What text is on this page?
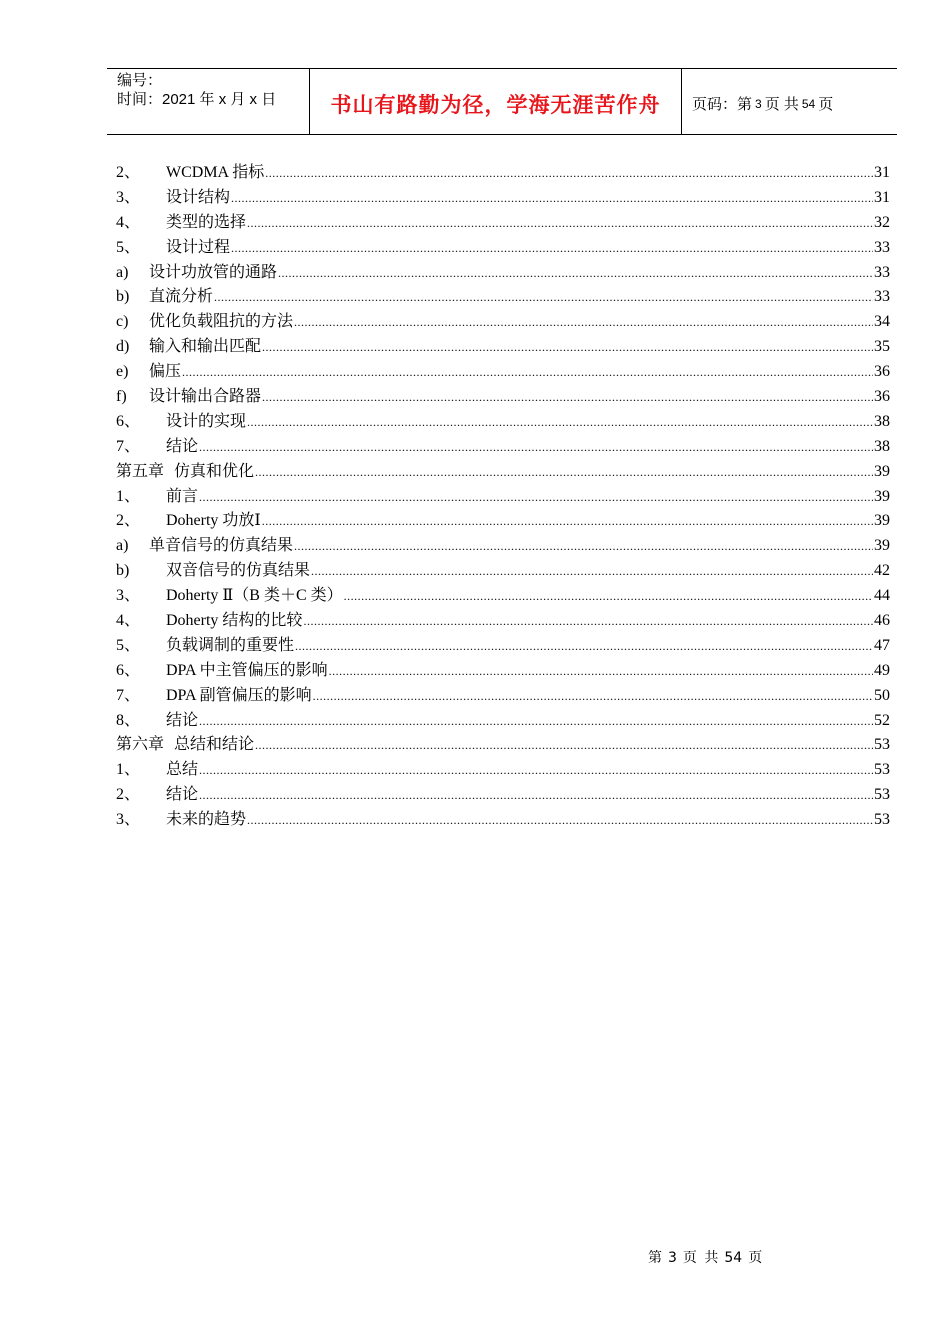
编号：
时间：2021 年 x 月 x 日	书山有路勤为径，学海无涯苦作舟 页码：第 3 页 共 54 页
2、	WCDMA 指标 .....	31
3、	设计结构 .....	31
4、	类型的选择 .....	32
5、	设计过程 .....	33
a)	设计功放管的通路 .....	33
b)	直流分析 .....	33
c)	优化负载阻抗的方法 .....	34
d)	输入和输出匹配 .....	35
e)	偏压 .....	36
f)	设计输出合路器 .....	36
6、	设计的实现 .....	38
7、	结论 .....	38
第五章 仿真和优化 .....	39
1、	前言 .....	39
2、	Doherty 功放Ⅰ .....	39
a)	单音信号的仿真结果 .....	39
b)	双音信号的仿真结果 .....	42
3、	Doherty Ⅱ（B 类＋C 类） .....	44
4、	Doherty 结构的比较 .....	46
5、	负载调制的重要性 .....	47
6、	DPA 中主管偏压的影响 .....	49
7、	DPA 副管偏压的影响 .....	50
8、	结论 .....	52
第六章 总结和结论 .....	53
1、	总结 .....	53
2、	结论 .....	53
3、	未来的趋势 .....	53
第 3 页 共 54 页
